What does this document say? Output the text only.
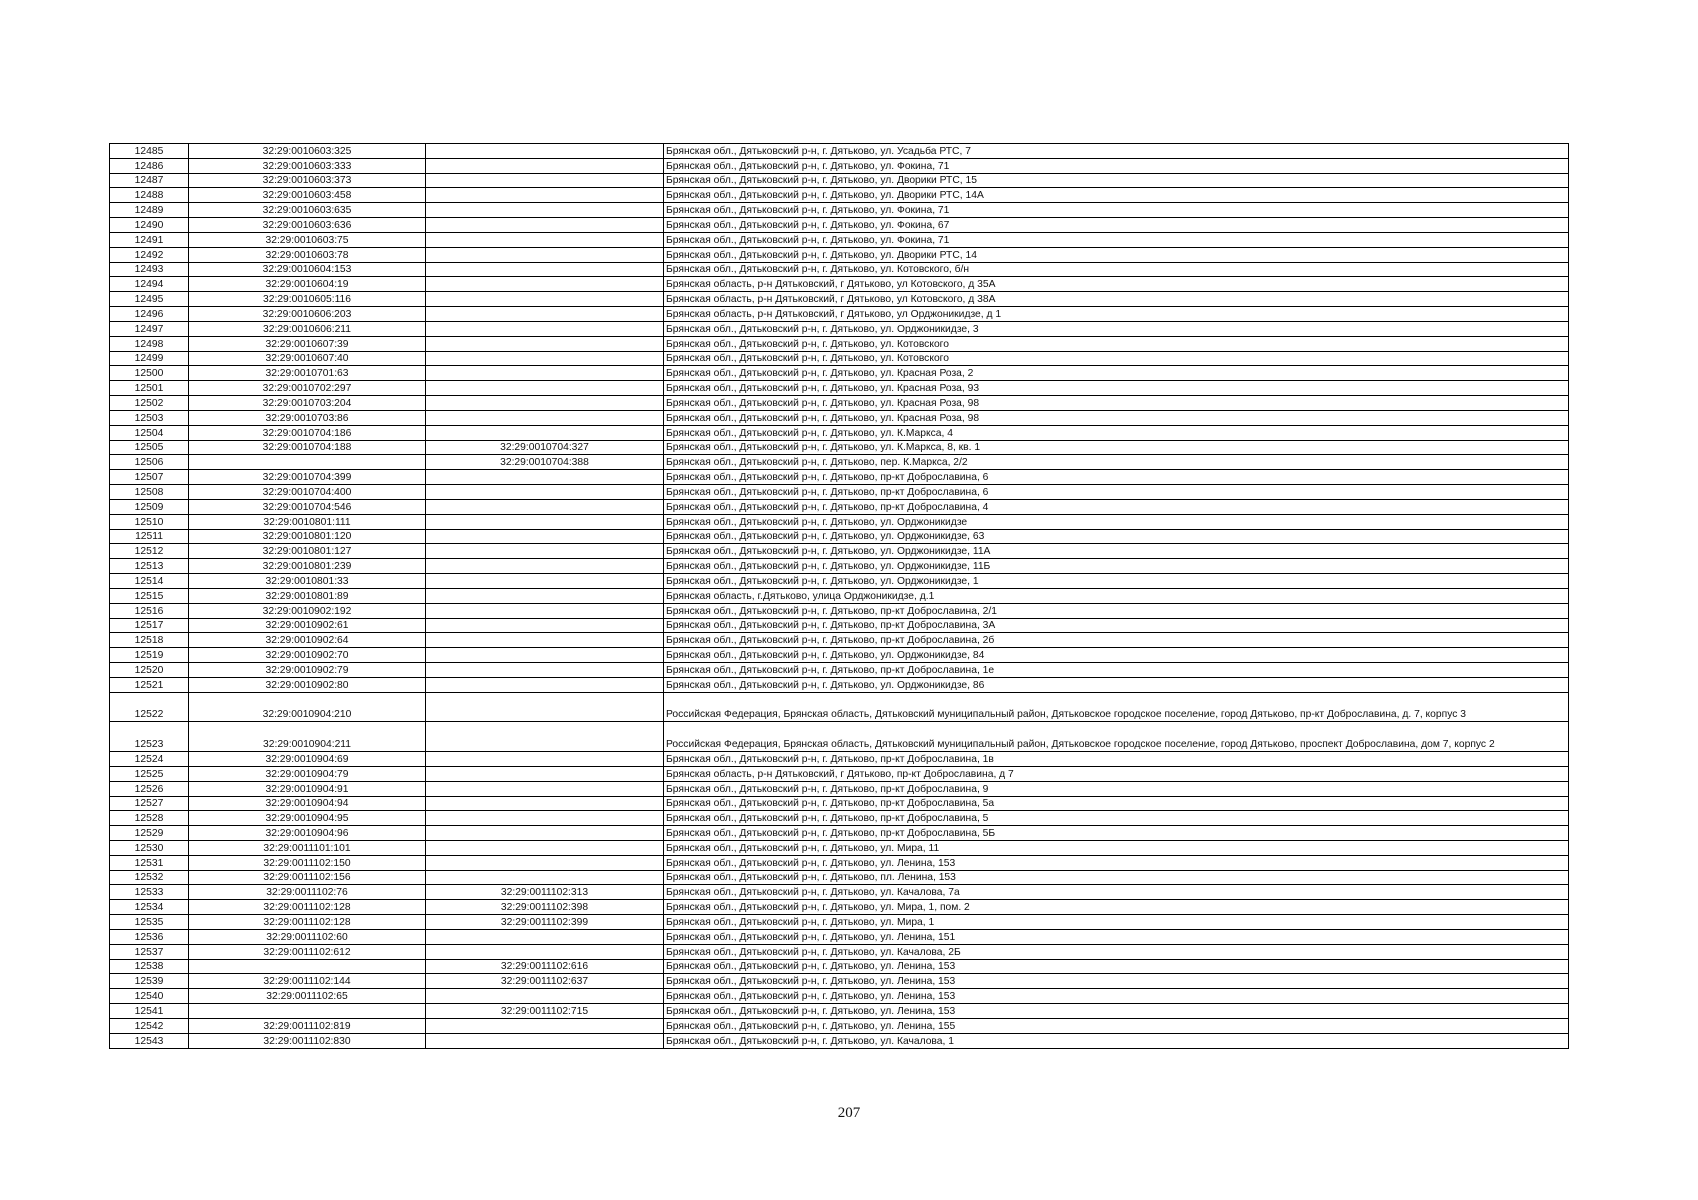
12485	32:29:0010603:325		Брянская обл., Дятьковский р-н, г. Дятьково, ул. Усадьба РТС, 7
12486	32:29:0010603:333		Брянская обл., Дятьковский р-н, г. Дятьково, ул. Фокина, 71
12487	32:29:0010603:373		Брянская обл., Дятьковский р-н, г. Дятьково, ул. Дворики РТС, 15
12488	32:29:0010603:458		Брянская обл., Дятьковский р-н, г. Дятьково, ул. Дворики РТС, 14А
12489	32:29:0010603:635		Брянская обл., Дятьковский р-н, г. Дятьково, ул. Фокина, 71
12490	32:29:0010603:636		Брянская обл., Дятьковский р-н, г. Дятьково, ул. Фокина, 67
12491	32:29:0010603:75		Брянская обл., Дятьковский р-н, г. Дятьково, ул. Фокина, 71
12492	32:29:0010603:78		Брянская обл., Дятьковский р-н, г. Дятьково, ул. Дворики РТС, 14
12493	32:29:0010604:153		Брянская обл., Дятьковский р-н, г. Дятьково, ул. Котовского, б/н
12494	32:29:0010604:19		Брянская область, р-н Дятьковский, г Дятьково, ул Котовского, д 35А
12495	32:29:0010605:116		Брянская область, р-н Дятьковский, г Дятьково, ул Котовского, д 38А
12496	32:29:0010606:203		Брянская область, р-н Дятьковский, г Дятьково, ул Орджоникидзе, д 1
12497	32:29:0010606:211		Брянская обл., Дятьковский р-н, г. Дятьково, ул. Орджоникидзе, 3
12498	32:29:0010607:39		Брянская обл., Дятьковский р-н, г. Дятьково, ул. Котовского
12499	32:29:0010607:40		Брянская обл., Дятьковский р-н, г. Дятьково, ул. Котовского
12500	32:29:0010701:63		Брянская обл., Дятьковский р-н, г. Дятьково, ул. Красная Роза, 2
12501	32:29:0010702:297		Брянская обл., Дятьковский р-н, г. Дятьково, ул. Красная Роза, 93
12502	32:29:0010703:204		Брянская обл., Дятьковский р-н, г. Дятьково, ул. Красная Роза, 98
12503	32:29:0010703:86		Брянская обл., Дятьковский р-н, г. Дятьково, ул. Красная Роза, 98
12504	32:29:0010704:186		Брянская обл., Дятьковский р-н, г. Дятьково, ул. К.Маркса, 4
12505	32:29:0010704:188	32:29:0010704:327	Брянская обл., Дятьковский р-н, г. Дятьково, ул. К.Маркса, 8, кв. 1
12506		32:29:0010704:388	Брянская обл., Дятьковский р-н, г. Дятьково, пер. К.Маркса, 2/2
12507	32:29:0010704:399		Брянская обл., Дятьковский р-н, г. Дятьково, пр-кт Доброславина, 6
12508	32:29:0010704:400		Брянская обл., Дятьковский р-н, г. Дятьково, пр-кт Доброславина, 6
12509	32:29:0010704:546		Брянская обл., Дятьковский р-н, г. Дятьково, пр-кт Доброславина, 4
12510	32:29:0010801:111		Брянская обл., Дятьковский р-н, г. Дятьково, ул. Орджоникидзе
12511	32:29:0010801:120		Брянская обл., Дятьковский р-н, г. Дятьково, ул. Орджоникидзе, 63
12512	32:29:0010801:127		Брянская обл., Дятьковский р-н, г. Дятьково, ул. Орджоникидзе, 11А
12513	32:29:0010801:239		Брянская обл., Дятьковский р-н, г. Дятьково, ул. Орджоникидзе, 11Б
12514	32:29:0010801:33		Брянская обл., Дятьковский р-н, г. Дятьково, ул. Орджоникидзе, 1
12515	32:29:0010801:89		Брянская область, г.Дятьково, улица Орджоникидзе, д.1
12516	32:29:0010902:192		Брянская обл., Дятьковский р-н, г. Дятьково, пр-кт Доброславина, 2/1
12517	32:29:0010902:61		Брянская обл., Дятьковский р-н, г. Дятьково, пр-кт Доброславина, 3А
12518	32:29:0010902:64		Брянская обл., Дятьковский р-н, г. Дятьково, пр-кт Доброславина, 2б
12519	32:29:0010902:70		Брянская обл., Дятьковский р-н, г. Дятьково, ул. Орджоникидзе, 84
12520	32:29:0010902:79		Брянская обл., Дятьковский р-н, г. Дятьково, пр-кт Доброславина, 1е
12521	32:29:0010902:80		Брянская обл., Дятьковский р-н, г. Дятьково, ул. Орджоникидзе, 86
12522	32:29:0010904:210		Российская Федерация, Брянская область, Дятьковский муниципальный район, Дятьковское городское поселение, город Дятьково, пр-кт Доброславина, д. 7, корпус 3
12523	32:29:0010904:211		Российская Федерация, Брянская область, Дятьковский муниципальный район, Дятьковское городское поселение, город Дятьково, проспект Доброславина, дом 7, корпус 2
12524	32:29:0010904:69		Брянская обл., Дятьковский р-н, г. Дятьково, пр-кт Доброславина, 1в
12525	32:29:0010904:79		Брянская область, р-н Дятьковский, г Дятьково, пр-кт Доброславина, д 7
12526	32:29:0010904:91		Брянская обл., Дятьковский р-н, г. Дятьково, пр-кт Доброславина, 9
12527	32:29:0010904:94		Брянская обл., Дятьковский р-н, г. Дятьково, пр-кт Доброславина, 5а
12528	32:29:0010904:95		Брянская обл., Дятьковский р-н, г. Дятьково, пр-кт Доброславина, 5
12529	32:29:0010904:96		Брянская обл., Дятьковский р-н, г. Дятьково, пр-кт Доброславина, 5Б
12530	32:29:0011101:101		Брянская обл., Дятьковский р-н, г. Дятьково, ул. Мира, 11
12531	32:29:0011102:150		Брянская обл., Дятьковский р-н, г. Дятьково, ул. Ленина, 153
12532	32:29:0011102:156		Брянская обл., Дятьковский р-н, г. Дятьково, пл. Ленина, 153
12533	32:29:0011102:76	32:29:0011102:313	Брянская обл., Дятьковский р-н, г. Дятьково, ул. Качалова, 7а
12534	32:29:0011102:128	32:29:0011102:398	Брянская обл., Дятьковский р-н, г. Дятьково, ул. Мира, 1, пом. 2
12535	32:29:0011102:128	32:29:0011102:399	Брянская обл., Дятьковский р-н, г. Дятьково, ул. Мира, 1
12536	32:29:0011102:60		Брянская обл., Дятьковский р-н, г. Дятьково, ул. Ленина, 151
12537	32:29:0011102:612		Брянская обл., Дятьковский р-н, г. Дятьково, ул. Качалова, 2Б
12538		32:29:0011102:616	Брянская обл., Дятьковский р-н, г. Дятьково, ул. Ленина, 153
12539	32:29:0011102:144	32:29:0011102:637	Брянская обл., Дятьковский р-н, г. Дятьково, ул. Ленина, 153
12540	32:29:0011102:65		Брянская обл., Дятьковский р-н, г. Дятьково, ул. Ленина, 153
12541		32:29:0011102:715	Брянская обл., Дятьковский р-н, г. Дятьково, ул. Ленина, 153
12542	32:29:0011102:819		Брянская обл., Дятьковский р-н, г. Дятьково, ул. Ленина, 155
12543	32:29:0011102:830		Брянская обл., Дятьковский р-н, г. Дятьково, ул. Качалова, 1
207
